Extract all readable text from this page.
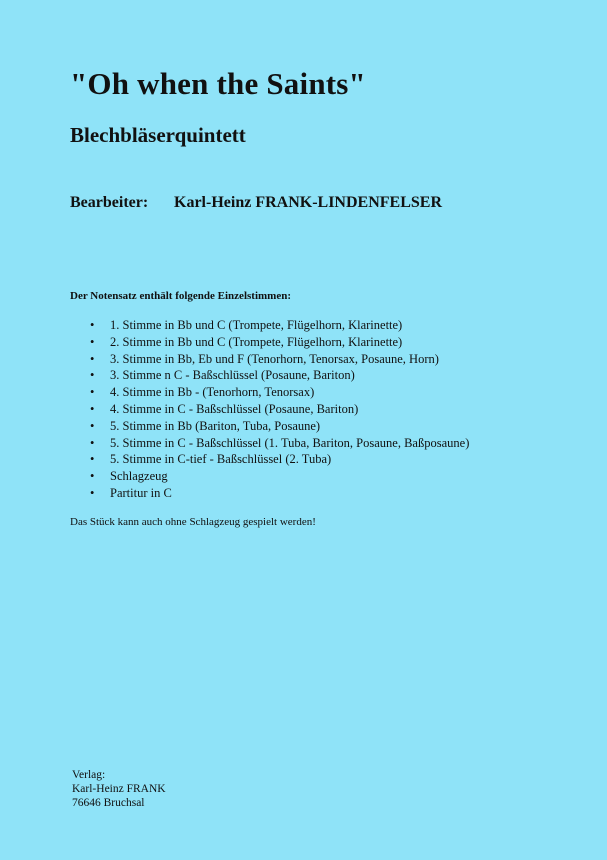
"Oh when the Saints"
Blechbläserquintett

Bearbeiter: Karl-Heinz FRANK-LINDENFELSER

Der Notensatz enthält folgende Einzelstimmen:

• 1. Stimme in Bb und C (Trompete, Flügelhorn, Klarinette)
• 2. Stimme in Bb und C (Trompete, Flügelhorn, Klarinette)
• 3. Stimme in Bb, Eb und F (Tenorhorn, Tenorsax, Posaune, Horn)
• 3. Stimme n C - Baßschlüssel (Posaune, Bariton)
• 4. Stimme in Bb - (Tenorhorn, Tenorsax)
• 4. Stimme in C - Baßschlüssel (Posaune, Bariton)
• 5. Stimme in Bb (Bariton, Tuba, Posaune)
• 5. Stimme in C - Baßschlüssel (1. Tuba, Bariton, Posaune, Baßposaune)
• 5. Stimme in C-tief - Baßschlüssel (2. Tuba)
• Schlagzeug
• Partitur in C

Das Stück kann auch ohne Schlagzeug gespielt werden!

Verlag:
Karl-Heinz FRANK
76646 Bruchsal
